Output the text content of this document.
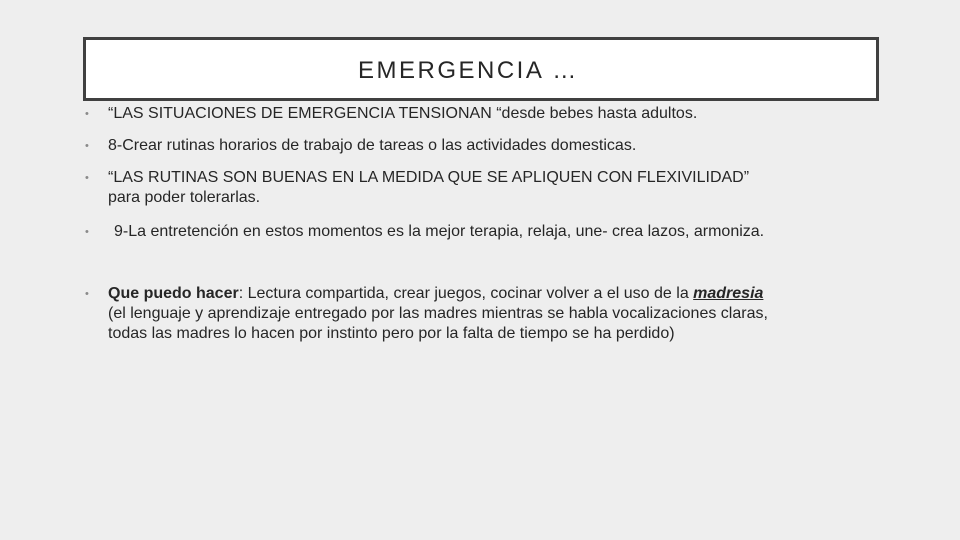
EMERGENCIA …
•	“LAS SITUACIONES DE EMERGENCIA TENSIONAN “desde bebes hasta adultos.
•	8-Crear rutinas horarios de trabajo de tareas o las actividades domesticas.
•	“LAS RUTINAS SON BUENAS EN LA MEDIDA QUE SE APLIQUEN CON FLEXIVILIDAD”
para poder tolerarlas.
•	9-La entretención en estos momentos es la mejor terapia, relaja, une- crea lazos, armoniza.
•	Que puedo hacer: Lectura compartida, crear juegos, cocinar volver a el uso de la madresia
(el lenguaje y aprendizaje entregado por las madres mientras se habla vocalizaciones claras,
todas las madres lo hacen por instinto pero por la falta de tiempo se ha perdido)
